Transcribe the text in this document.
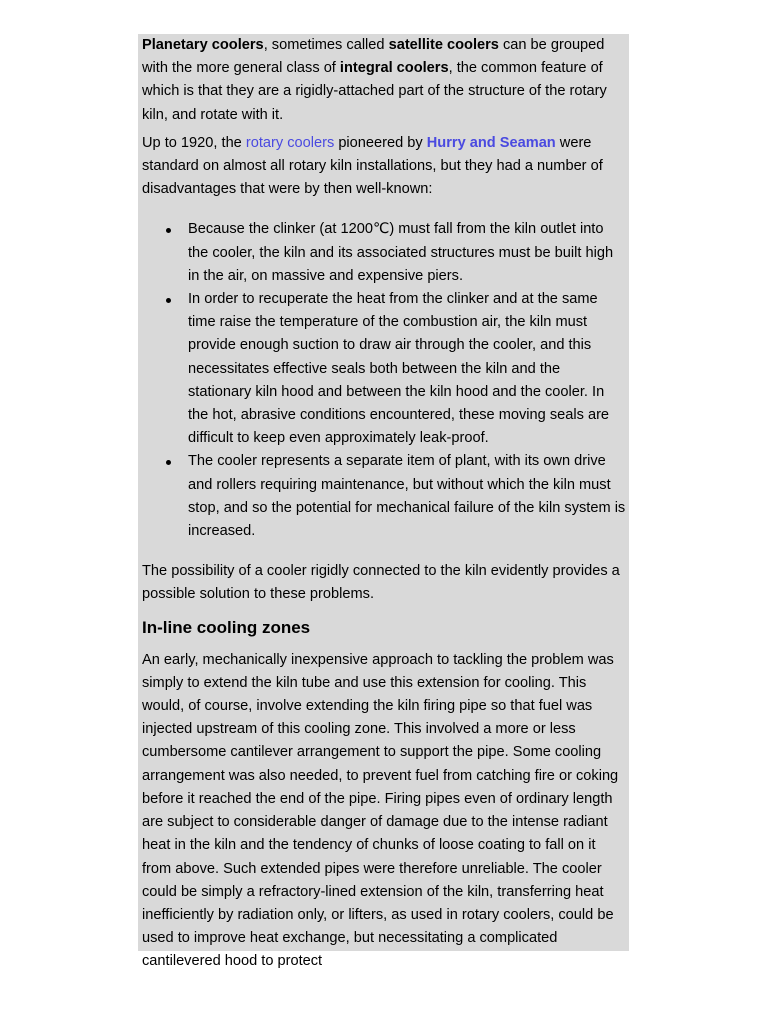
Planetary coolers, sometimes called satellite coolers can be grouped with the more general class of integral coolers, the common feature of which is that they are a rigidly-attached part of the structure of the rotary kiln, and rotate with it.

Up to 1920, the rotary coolers pioneered by Hurry and Seaman were standard on almost all rotary kiln installations, but they had a number of disadvantages that were by then well-known:

Because the clinker (at 1200℃) must fall from the kiln outlet into the cooler, the kiln and its associated structures must be built high in the air, on massive and expensive piers.
In order to recuperate the heat from the clinker and at the same time raise the temperature of the combustion air, the kiln must provide enough suction to draw air through the cooler, and this necessitates effective seals both between the kiln and the stationary kiln hood and between the kiln hood and the cooler. In the hot, abrasive conditions encountered, these moving seals are difficult to keep even approximately leak-proof.
The cooler represents a separate item of plant, with its own drive and rollers requiring maintenance, but without which the kiln must stop, and so the potential for mechanical failure of the kiln system is increased.

The possibility of a cooler rigidly connected to the kiln evidently provides a possible solution to these problems.

In-line cooling zones

An early, mechanically inexpensive approach to tackling the problem was simply to extend the kiln tube and use this extension for cooling. This would, of course, involve extending the kiln firing pipe so that fuel was injected upstream of this cooling zone. This involved a more or less cumbersome cantilever arrangement to support the pipe. Some cooling arrangement was also needed, to prevent fuel from catching fire or coking before it reached the end of the pipe. Firing pipes even of ordinary length are subject to considerable danger of damage due to the intense radiant heat in the kiln and the tendency of chunks of loose coating to fall on it from above. Such extended pipes were therefore unreliable. The cooler could be simply a refractory-lined extension of the kiln, transferring heat inefficiently by radiation only, or lifters, as used in rotary coolers, could be used to improve heat exchange, but necessitating a complicated cantilevered hood to protect
